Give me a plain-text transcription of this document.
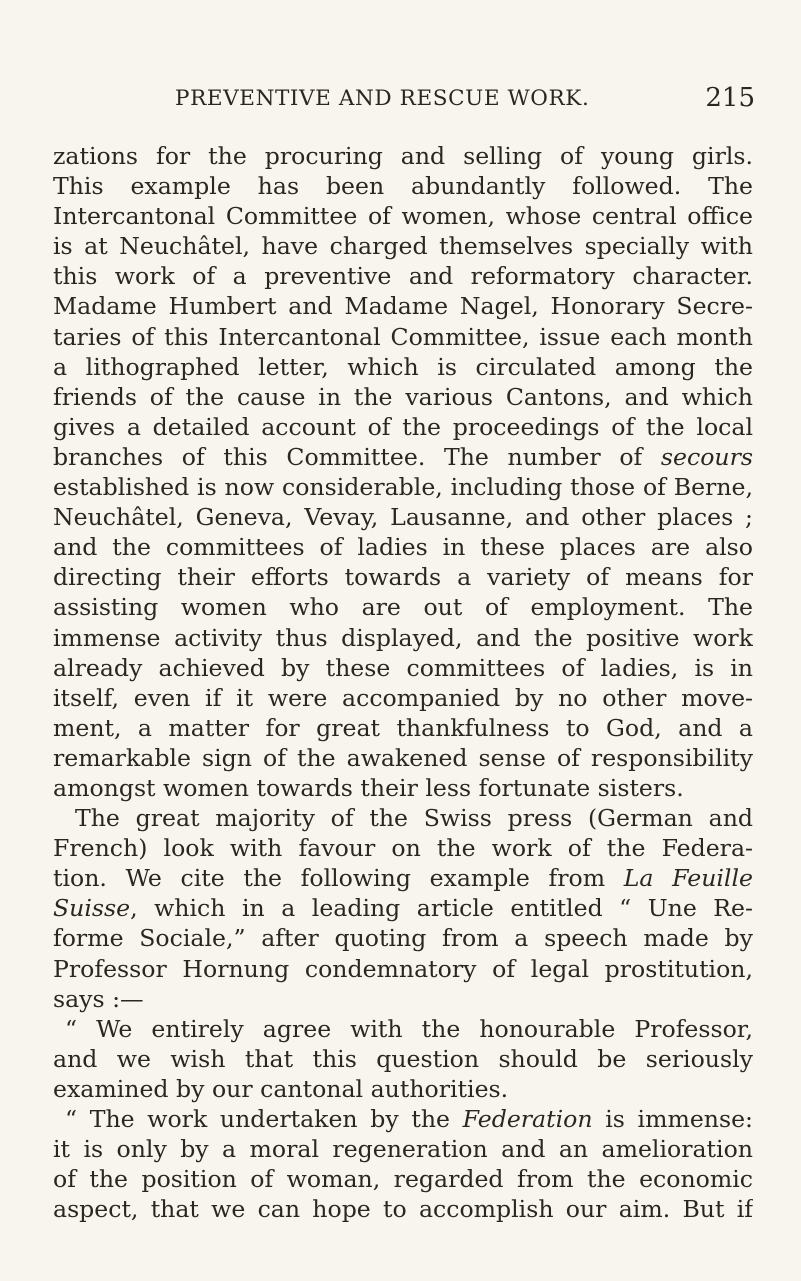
PREVENTIVE AND RESCUE WORK.	215
zations for the procuring and selling of young girls.
This example has been abundantly followed. The
Intercantonal Committee of women, whose central office
is at Neuchâtel, have charged themselves specially with
this work of a preventive and reformatory character.
Madame Humbert and Madame Nagel, Honorary Secre-
taries of this Intercantonal Committee, issue each month
a lithographed letter, which is circulated among the
friends of the cause in the various Cantons, and which
gives a detailed account of the proceedings of the local
branches of this Committee. The number of secours
established is now considerable, including those of Berne,
Neuchâtel, Geneva, Vevay, Lausanne, and other places ;
and the committees of ladies in these places are also
directing their efforts towards a variety of means for
assisting women who are out of employment. The
immense activity thus displayed, and the positive work
already achieved by these committees of ladies, is in
itself, even if it were accompanied by no other move-
ment, a matter for great thankfulness to God, and a
remarkable sign of the awakened sense of responsibility
amongst women towards their less fortunate sisters.
The great majority of the Swiss press (German and
French) look with favour on the work of the Federa-
tion. We cite the following example from La Feuille
Suisse, which in a leading article entitled “ Une Re-
forme Sociale,” after quoting from a speech made by
Professor Hornung condemnatory of legal prostitution,
says :—
“ We entirely agree with the honourable Professor,
and we wish that this question should be seriously
examined by our cantonal authorities.
“ The work undertaken by the Federation is immense:
it is only by a moral regeneration and an amelioration
of the position of woman, regarded from the economic
aspect, that we can hope to accomplish our aim. But if
